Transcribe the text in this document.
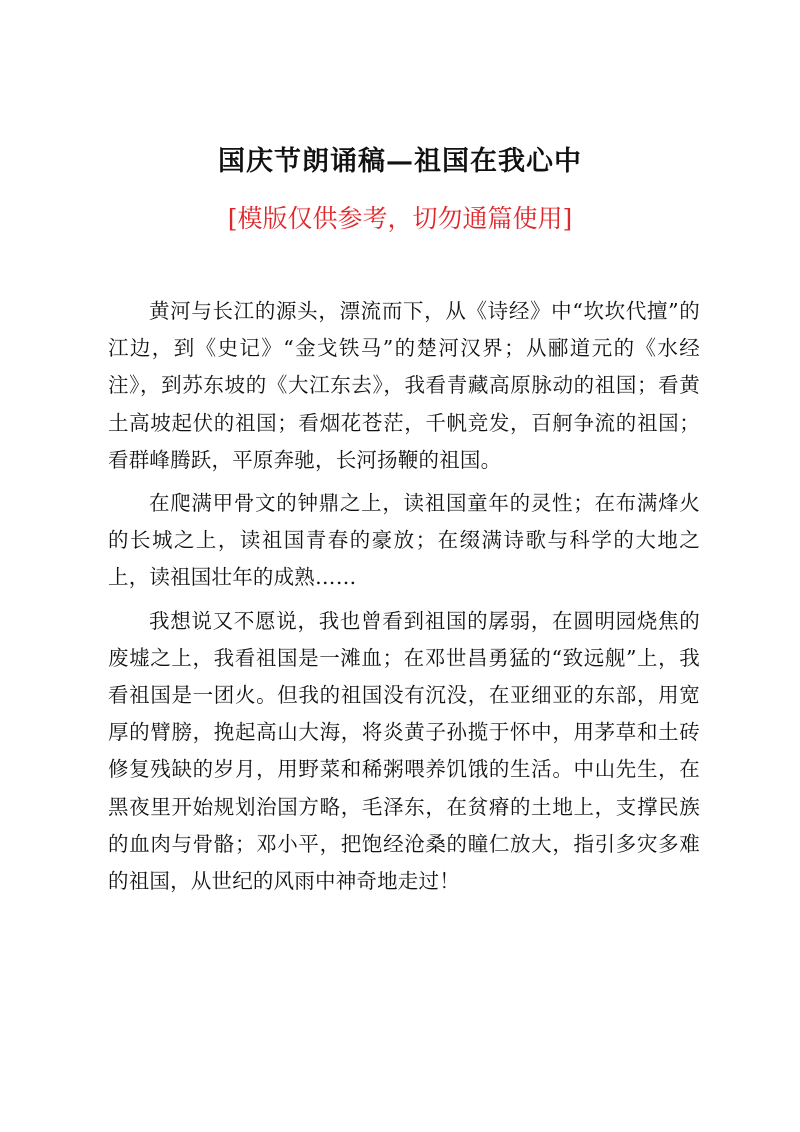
国庆节朗诵稿—祖国在我心中
[模版仅供参考，切勿通篇使用]

黄河与长江的源头，漂流而下，从《诗经》中“坎坎代擅”的江边，到《史记》“金戈铁马”的楚河汉界；从郦道元的《水经注》，到苏东坡的《大江东去》，我看青藏高原脉动的祖国；看黄土高坡起伏的祖国；看烟花苍茫，千帆竞发，百舸争流的祖国；看群峰腾跃，平原奔驰，长河扬鞭的祖国。

在爬满甲骨文的钟鼎之上，读祖国童年的灵性；在布满烽火的长城之上，读祖国青春的豪放；在缀满诗歌与科学的大地之上，读祖国壮年的成熟……

我想说又不愿说，我也曾看到祖国的孱弱，在圆明园烧焦的废墟之上，我看祖国是一滩血；在邓世昌勇猛的“致远舰”上，我看祖国是一团火。但我的祖国没有沉没，在亚细亚的东部，用宽厚的臂膀，挽起高山大海，将炎黄子孙揽于怀中，用茅草和土砖修复残缺的岁月，用野菜和稀粥喂养饥饿的生活。中山先生，在黑夜里开始规划治国方略，毛泽东，在贫瘠的土地上，支撑民族的血肉与骨骼；邓小平，把饱经沧桑的瞳仁放大，指引多灾多难的祖国，从世纪的风雨中神奇地走过！
